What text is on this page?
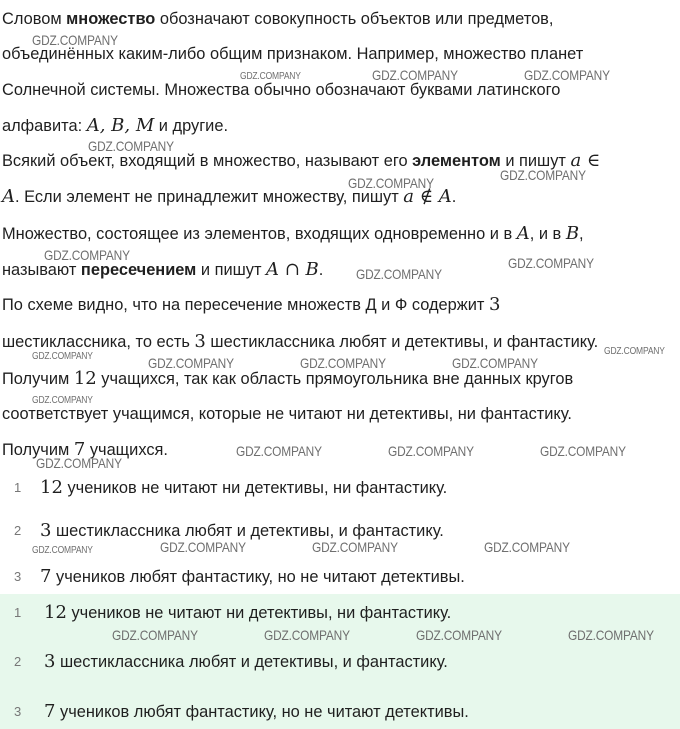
Словом множество обозначают совокупность объектов или предметов,
объединённых каким-либо общим признаком. Например, множество планет
Солнечной системы. Множества обычно обозначают буквами латинского
алфавита: A, B, M и другие.
Всякий объект, входящий в множество, называют его элементом и пишут a ∈
A. Если элемент не принадлежит множеству, пишут a ∉ A.
Множество, состоящее из элементов, входящих одновременно и в A, и в B,
называют пересечением и пишут A ∩ B.
По схеме видно, что на пересечение множеств Д и Ф содержит 3
шестиклассника, то есть 3 шестиклассника любят и детективы, и фантастику.
Получим 12 учащихся, так как область прямоугольника вне данных кругов
соответствует учащимся, которые не читают ни детективы, ни фантастику.
Получим 7 учащихся.
1	12 учеников не читают ни детективы, ни фантастику.
2	3 шестиклассника любят и детективы, и фантастику.
3	7 учеников любят фантастику, но не читают детективы.
1	12 учеников не читают ни детективы, ни фантастику.
2	3 шестиклассника любят и детективы, и фантастику.
3	7 учеников любят фантастику, но не читают детективы.
GDZ.COMPANY
GDZ.COMPANY	GDZ.COMPANY	GDZ.COMPANY
GDZ.COMPANY
GDZ.COMPANY	GDZ.COMPANY
GDZ.COMPANY
GDZ.COMPANY
GDZ.COMPANY
GDZ.COMPANY	GDZ.COMPANY	GDZ.COMPANY	GDZ.COMPANY
GDZ.COMPANY
GDZ.COMPANY
GDZ.COMPANY
GDZ.COMPANY	GDZ.COMPANY	GDZ.COMPANY
GDZ.COMPANY	GDZ.COMPANY	GDZ.COMPANY	GDZ.COMPANY
GDZ.COMPANY	GDZ.COMPANY	GDZ.COMPANY	GDZ.COMPANY
